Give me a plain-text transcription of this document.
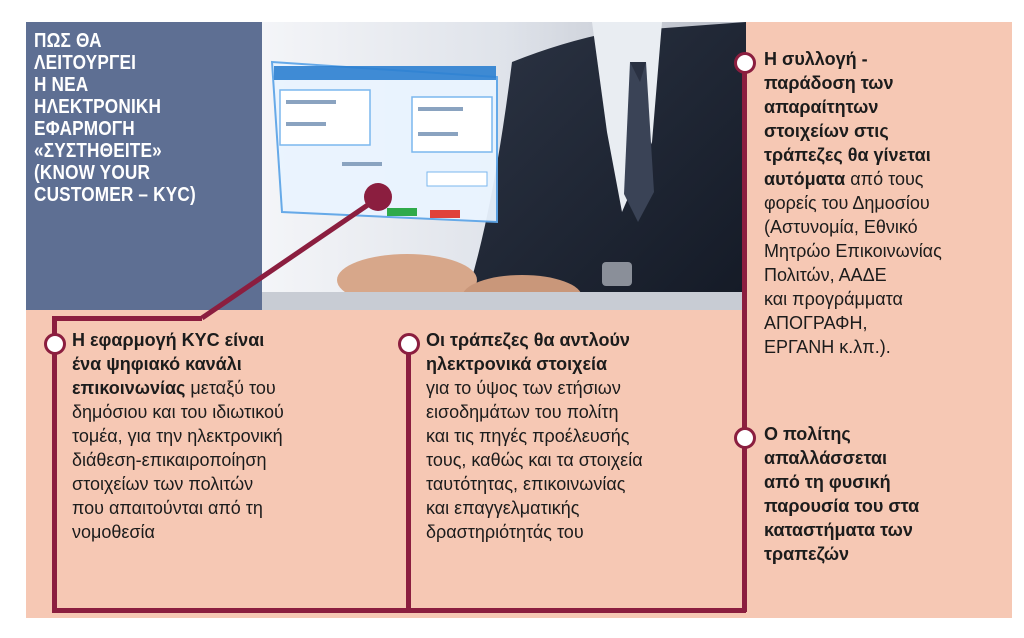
ΠΩΣ ΘΑ
ΛΕΙΤΟΥΡΓΕΙ
Η ΝΕΑ
ΗΛΕΚΤΡΟΝΙΚΗ
ΕΦΑΡΜΟΓΗ
«ΣΥΣΤΗΘΕΙΤΕ»
(KNOW YOUR
CUSTOMER – KYC)
Η συλλογή -
παράδοση των
απαραίτητων
στοιχείων στις
τράπεζες θα γίνεται
αυτόματα από τους
φορείς του Δημοσίου
(Αστυνομία, Εθνικό
Μητρώο Επικοινωνίας
Πολιτών, ΑΑΔΕ
και προγράμματα
ΑΠΟΓΡΑΦΗ,
ΕΡΓΑΝΗ κ.λπ.).
Ο πολίτης
απαλλάσσεται
από τη φυσική
παρουσία του στα
καταστήματα των
τραπεζών
Η εφαρμογή KYC είναι
ένα ψηφιακό κανάλι
επικοινωνίας μεταξύ του
δημόσιου και του ιδιωτικού
τομέα, για την ηλεκτρονική
διάθεση-επικαιροποίηση
στοιχείων των πολιτών
που απαιτούνται από τη
νομοθεσία
Οι τράπεζες θα αντλούν
ηλεκτρονικά στοιχεία
για το ύψος των ετήσιων
εισοδημάτων του πολίτη
και τις πηγές προέλευσής
τους, καθώς και τα στοιχεία
ταυτότητας, επικοινωνίας
και επαγγελματικής
δραστηριότητάς του
